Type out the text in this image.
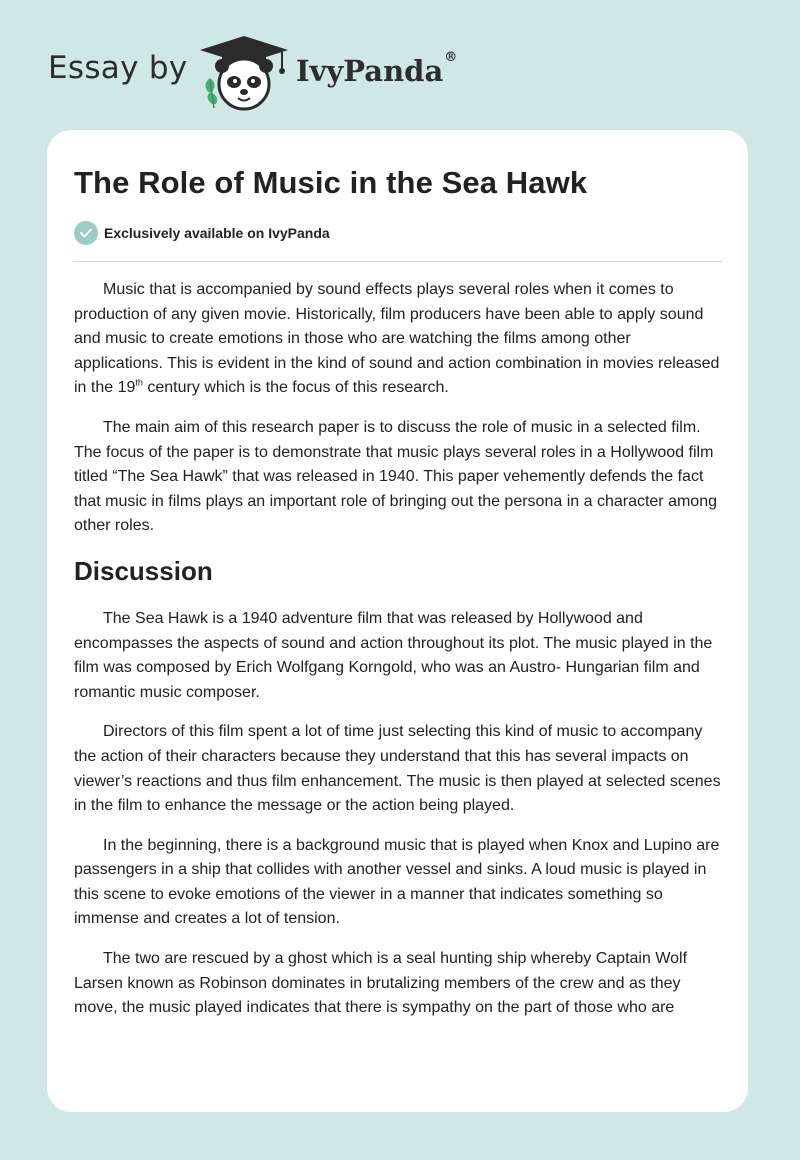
Essay by	IvyPanda®
The Role of Music in the Sea Hawk
Exclusively available on IvyPanda

Music that is accompanied by sound effects plays several roles when it comes to production of any given movie. Historically, film producers have been able to apply sound and music to create emotions in those who are watching the films among other applications. This is evident in the kind of sound and action combination in movies released in the 19th century which is the focus of this research.

The main aim of this research paper is to discuss the role of music in a selected film. The focus of the paper is to demonstrate that music plays several roles in a Hollywood film titled “The Sea Hawk” that was released in 1940. This paper vehemently defends the fact that music in films plays an important role of bringing out the persona in a character among other roles.

Discussion

The Sea Hawk is a 1940 adventure film that was released by Hollywood and encompasses the aspects of sound and action throughout its plot. The music played in the film was composed by Erich Wolfgang Korngold, who was an Austro- Hungarian film and romantic music composer.

Directors of this film spent a lot of time just selecting this kind of music to accompany the action of their characters because they understand that this has several impacts on viewer’s reactions and thus film enhancement. The music is then played at selected scenes in the film to enhance the message or the action being played.

In the beginning, there is a background music that is played when Knox and Lupino are passengers in a ship that collides with another vessel and sinks. A loud music is played in this scene to evoke emotions of the viewer in a manner that indicates something so immense and creates a lot of tension.

The two are rescued by a ghost which is a seal hunting ship whereby Captain Wolf Larsen known as Robinson dominates in brutalizing members of the crew and as they move, the music played indicates that there is sympathy on the part of those who are
